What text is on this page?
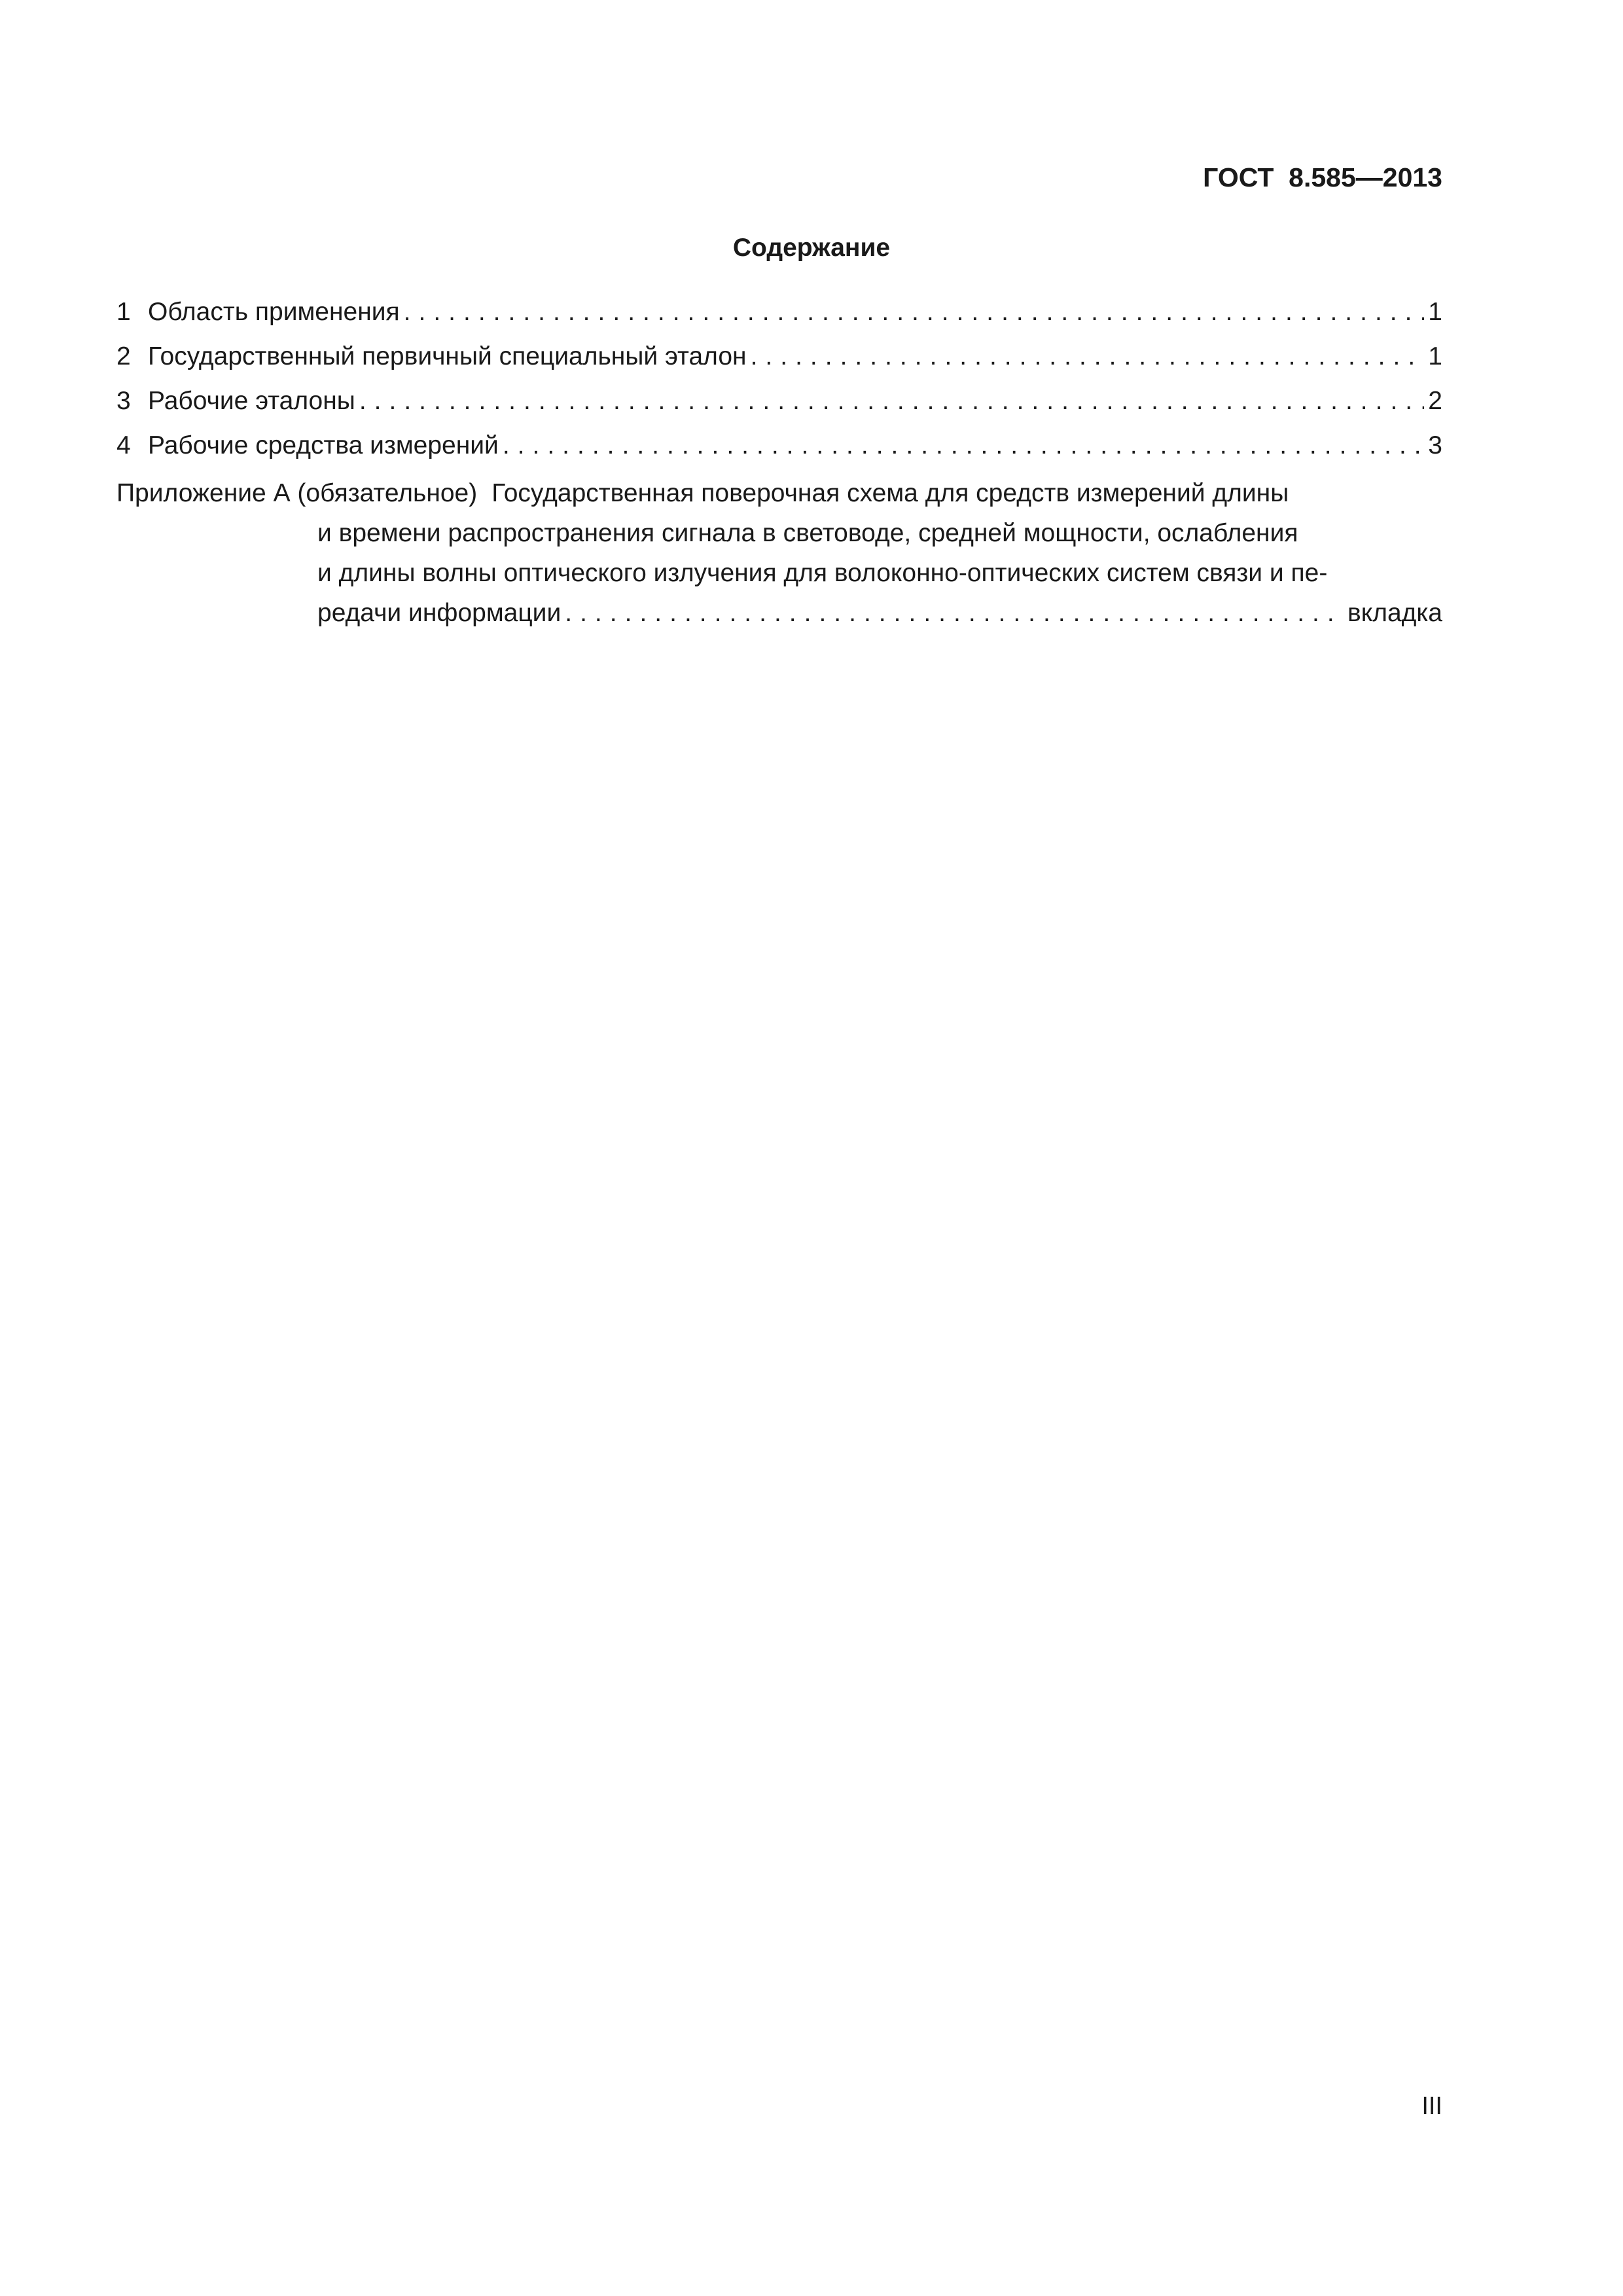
ГОСТ  8.585—2013
Содержание
1 Область применения .....	1
2 Государственный первичный специальный эталон .....	1
3 Рабочие эталоны .....	2
4 Рабочие средства измерений .....	3
Приложение А (обязательное) Государственная поверочная схема для средств измерений длины
и времени распространения сигнала в световоде, средней мощности, ослабления
и длины волны оптического излучения для волоконно-оптических систем связи и пе-
редачи информации .....	вкладка
III
